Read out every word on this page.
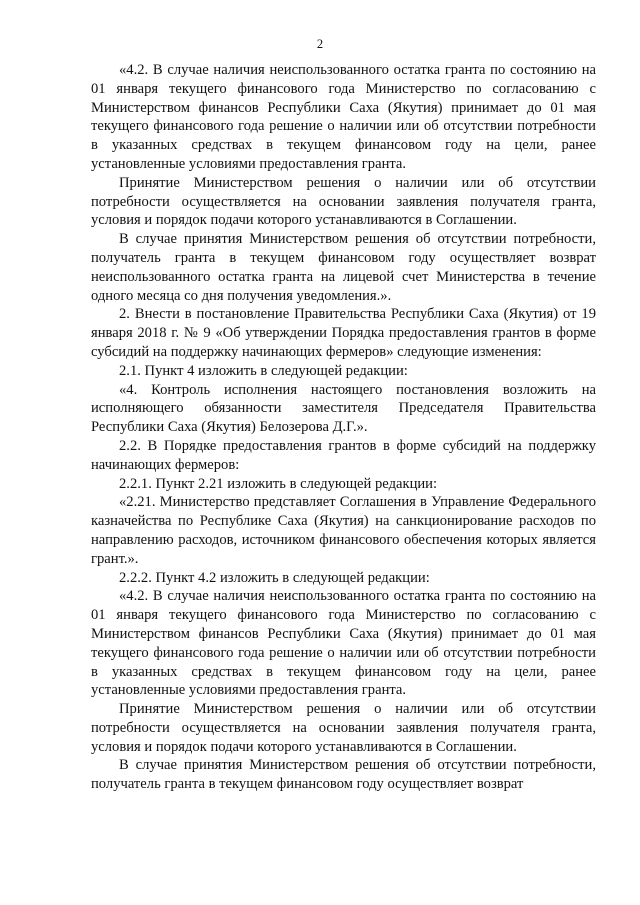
2

«4.2. В случае наличия неиспользованного остатка гранта по состоянию на 01 января текущего финансового года Министерство по согласованию с Министерством финансов Республики Саха (Якутия) принимает до 01 мая текущего финансового года решение о наличии или об отсутствии потребности в указанных средствах в текущем финансовом году на цели, ранее установленные условиями предоставления гранта.

Принятие Министерством решения о наличии или об отсутствии потребности осуществляется на основании заявления получателя гранта, условия и порядок подачи которого устанавливаются в Соглашении.

В случае принятия Министерством решения об отсутствии потребности, получатель гранта в текущем финансовом году осуществляет возврат неиспользованного остатка гранта на лицевой счет Министерства в течение одного месяца со дня получения уведомления.».

2. Внести в постановление Правительства Республики Саха (Якутия) от 19 января 2018 г. № 9 «Об утверждении Порядка предоставления грантов в форме субсидий на поддержку начинающих фермеров» следующие изменения:

2.1. Пункт 4 изложить в следующей редакции:

«4. Контроль исполнения настоящего постановления возложить на исполняющего обязанности заместителя Председателя Правительства Республики Саха (Якутия) Белозерова Д.Г.».

2.2. В Порядке предоставления грантов в форме субсидий на поддержку начинающих фермеров:

2.2.1. Пункт 2.21 изложить в следующей редакции:

«2.21. Министерство представляет Соглашения в Управление Федерального казначейства по Республике Саха (Якутия) на санкционирование расходов по направлению расходов, источником финансового обеспечения которых является грант.».

2.2.2. Пункт 4.2 изложить в следующей редакции:

«4.2. В случае наличия неиспользованного остатка гранта по состоянию на 01 января текущего финансового года Министерство по согласованию с Министерством финансов Республики Саха (Якутия) принимает до 01 мая текущего финансового года решение о наличии или об отсутствии потребности в указанных средствах в текущем финансовом году на цели, ранее установленные условиями предоставления гранта.

Принятие Министерством решения о наличии или об отсутствии потребности осуществляется на основании заявления получателя гранта, условия и порядок подачи которого устанавливаются в Соглашении.

В случае принятия Министерством решения об отсутствии потребности, получатель гранта в текущем финансовом году осуществляет возврат
